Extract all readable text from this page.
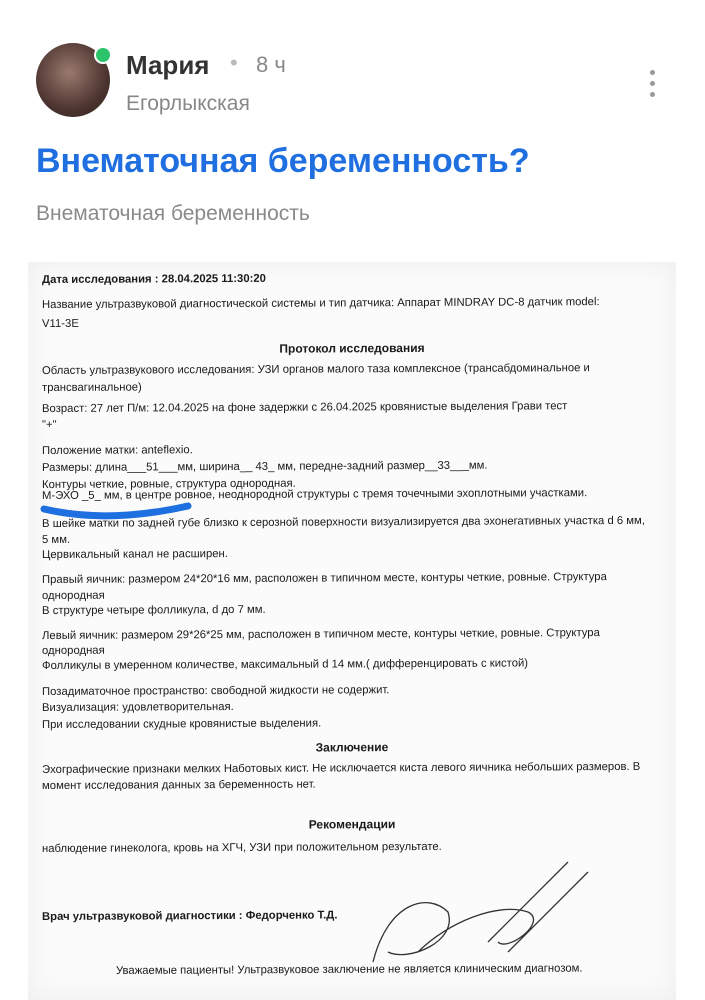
Мария • 8 ч
Егорлыкская
Внематочная беременность?
Внематочная беременность
Дата исследования : 28.04.2025 11:30:20
Название ультразвуковой диагностической системы и тип датчика: Аппарат MINDRAY DC-8 датчик model:
V11-3E
Протокол исследования
Область ультразвукового исследования: УЗИ органов малого таза комплексное (трансабдоминальное и
трансвагинальное)
Возраст: 27 лет П/м: 12.04.2025 на фоне задержки с 26.04.2025 кровянистые выделения Грави тест
"+"
Положение матки: anteflexio.
Размеры: длина___51___мм, ширина__ 43_ мм, передне-задний размер__33___мм.
Контуры четкие, ровные, структура однородная.
М-ЭХО _5_ мм, в центре ровное, неоднородной структуры с тремя точечными эхоплотными участками.
В шейке матки по задней губе близко к серозной поверхности визуализируется два эхонегативных участка d 6 мм,
5 мм.
Цервикальный канал не расширен.
Правый яичник: размером 24*20*16 мм, расположен в типичном месте, контуры четкие, ровные. Структура
однородная
В структуре четыре фолликула, d до 7 мм.
Левый яичник: размером 29*26*25 мм, расположен в типичном месте, контуры четкие, ровные. Структура
однородная
Фолликулы в умеренном количестве, максимальный d 14 мм.( дифференцировать с кистой)
Позадиматочное пространство: свободной жидкости не содержит.
Визуализация: удовлетворительная.
При исследовании скудные кровянистые выделения.
Заключение
Эхографические признаки мелких Наботовых кист. Не исключается киста левого яичника небольших размеров. В
момент исследования данных за беременность нет.
Рекомендации
наблюдение гинеколога, кровь на ХГЧ, УЗИ при положительном результате.
Врач ультразвуковой диагностики : Федорченко Т.Д.
Уважаемые пациенты! Ультразвуковое заключение не является клиническим диагнозом.
